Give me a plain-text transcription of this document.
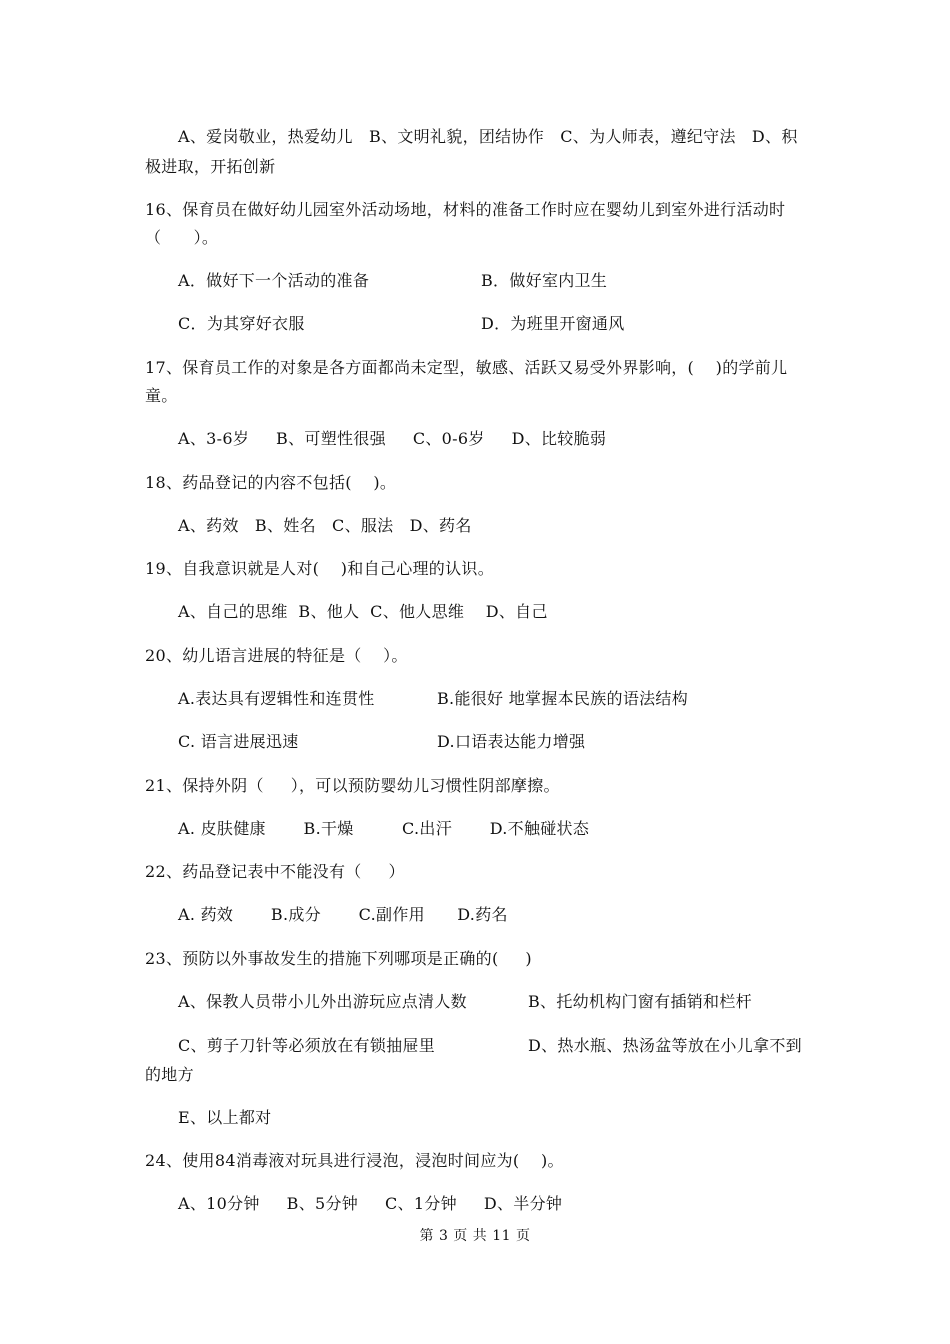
A、爱岗敬业，热爱幼儿   B、文明礼貌，团结协作   C、为人师表，遵纪守法   D、积
极进取，开拓创新
16、保育员在做好幼儿园室外活动场地，材料的准备工作时应在婴幼儿到室外进行活动时
（      ）。
A．做好下一个活动的准备	B．做好室内卫生
C．为其穿好衣服	D．为班里开窗通风
17、保育员工作的对象是各方面都尚未定型，敏感、活跃又易受外界影响，(    )的学前儿
童。
A、3-6岁     B、可塑性很强     C、0-6岁     D、比较脆弱
18、药品登记的内容不包括(    )。
A、药效   B、姓名   C、服法   D、药名
19、自我意识就是人对(    )和自己心理的认识。
A、自己的思维  B、他人  C、他人思维    D、自己
20、幼儿语言进展的特征是（    ）。
A.表达具有逻辑性和连贯性	B.能很好 地掌握本民族的语法结构
C. 语言进展迅速	D.口语表达能力增强
21、保持外阴（     ），可以预防婴幼儿习惯性阴部摩擦。
A. 皮肤健康       B.干燥         C.出汗       D.不触碰状态
22、药品登记表中不能没有（     ）
A. 药效       B.成分       C.副作用      D.药名
23、预防以外事故发生的措施下列哪项是正确的(     )
A、保教人员带小儿外出游玩应点清人数	B、托幼机构门窗有插销和栏杆
C、剪子刀针等必须放在有锁抽屉里	D、热水瓶、热汤盆等放在小儿拿不到
的地方
E、以上都对
24、使用84消毒液对玩具进行浸泡，浸泡时间应为(    )。
A、10分钟     B、5分钟     C、1分钟     D、半分钟
第 3 页 共 11 页
